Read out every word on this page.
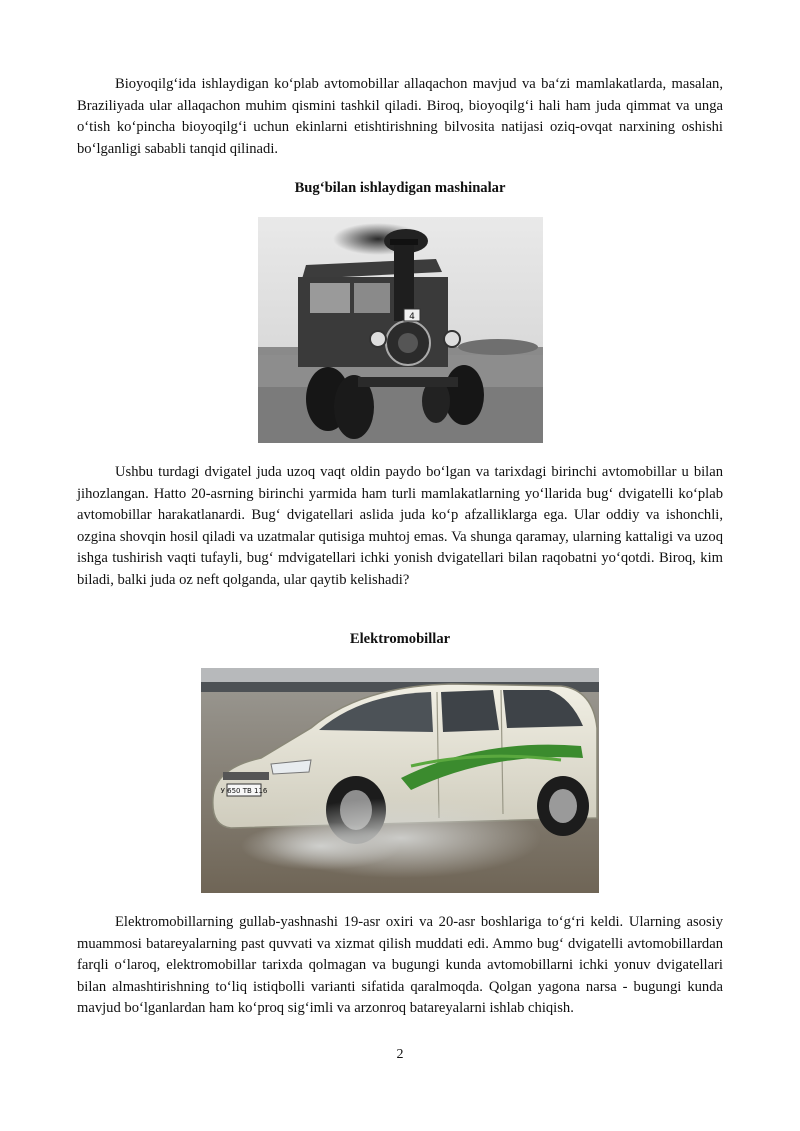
Bioyoqilg‘ida ishlaydigan ko‘plab avtomobillar allaqachon mavjud va ba‘zi mamlakatlarda, masalan, Braziliyada ular allaqachon muhim qismini tashkil qiladi. Biroq, bioyoqilg‘i hali ham juda qimmat va unga o‘tish ko‘pincha bioyoqilg‘i uchun ekinlarni etishtirishning bilvosita natijasi oziq-ovqat narxining oshishi bo‘lganligi sababli tanqid qilinadi.

Bug‘bilan ishlaydigan mashinalar

4

Ushbu turdagi dvigatel juda uzoq vaqt oldin paydo bo‘lgan va tarixdagi birinchi avtomobillar u bilan jihozlangan. Hatto 20-asrning birinchi yarmida ham turli mamlakatlarning yo‘llarida bug‘ dvigatelli ko‘plab avtomobillar harakatlanardi. Bug‘ dvigatellari aslida juda ko‘p afzalliklarga ega. Ular oddiy va ishonchli, ozgina shovqin hosil qiladi va uzatmalar qutisiga muhtoj emas. Va shunga qaramay, ularning kattaligi va uzoq ishga tushirish vaqti tufayli, bug‘ mdvigatellari ichki yonish dvigatellari bilan raqobatni yo‘qotdi. Biroq, kim biladi, balki juda oz neft qolganda, ular qaytib kelishadi?

Elektromobillar

У 650 ТВ 116

Elektromobillarning gullab-yashnashi 19-asr oxiri va 20-asr boshlariga to‘g‘ri keldi. Ularning asosiy muammosi batareyalarning past quvvati va xizmat qilish muddati edi. Ammo bug‘ dvigatelli avtomobillardan farqli o‘laroq, elektromobillar tarixda qolmagan va bugungi kunda avtomobillarni ichki yonuv dvigatellari bilan almashtirishning to‘liq istiqbolli varianti sifatida qaralmoqda. Qolgan yagona narsa - bugungi kunda mavjud bo‘lganlardan ham ko‘proq sig‘imli va arzonroq batareyalarni ishlab chiqish.

2
